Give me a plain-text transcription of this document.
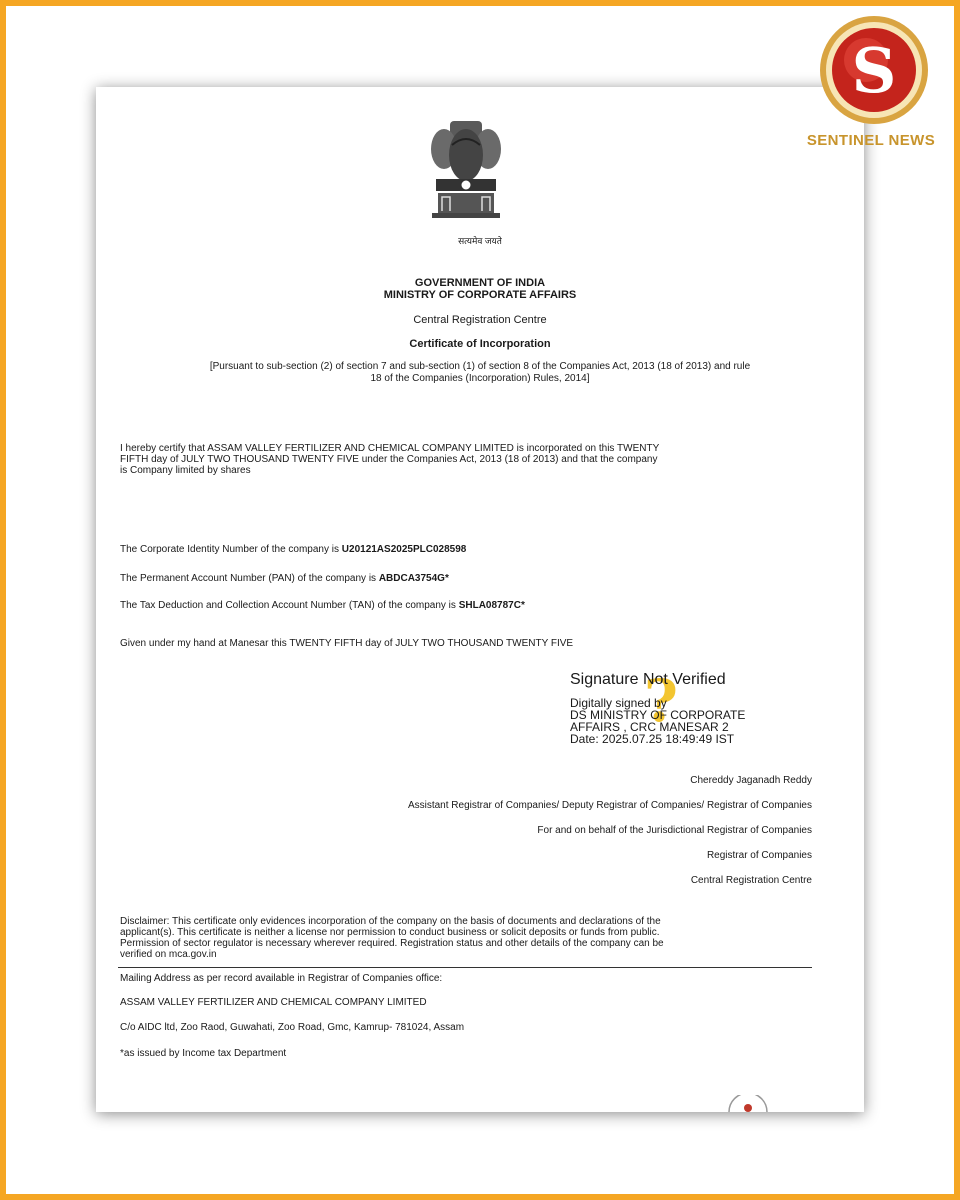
सत्यमेव जयते
GOVERNMENT OF INDIA
MINISTRY OF CORPORATE AFFAIRS
Central Registration Centre
Certificate of Incorporation
[Pursuant to sub-section (2) of section 7 and sub-section (1) of section 8 of the Companies Act, 2013 (18 of 2013) and rule
18 of the Companies (Incorporation) Rules, 2014]
I hereby certify that ASSAM VALLEY FERTILIZER AND CHEMICAL COMPANY LIMITED is incorporated on this TWENTY
FIFTH day of JULY TWO THOUSAND TWENTY FIVE under the Companies Act, 2013 (18 of 2013) and that the company
is Company limited by shares
The Corporate Identity Number of the company is U20121AS2025PLC028598
The Permanent Account Number (PAN) of the company is ABDCA3754G*
The Tax Deduction and Collection Account Number (TAN) of the company is SHLA08787C*
Given under my hand at Manesar this TWENTY FIFTH day of JULY TWO THOUSAND TWENTY FIVE
?
Signature Not Verified
Digitally signed by
DS MINISTRY OF CORPORATE
AFFAIRS , CRC MANESAR 2
Date: 2025.07.25 18:49:49 IST
Chereddy Jaganadh Reddy
Assistant Registrar of Companies/ Deputy Registrar of Companies/ Registrar of Companies
For and on behalf of the Jurisdictional Registrar of Companies
Registrar of Companies
Central Registration Centre
Disclaimer: This certificate only evidences incorporation of the company on the basis of documents and declarations of the
applicant(s). This certificate is neither a license nor permission to conduct business or solicit deposits or funds from public.
Permission of sector regulator is necessary wherever required. Registration status and other details of the company can be
verified on mca.gov.in
Mailing Address as per record available in Registrar of Companies office:
ASSAM VALLEY FERTILIZER AND CHEMICAL COMPANY LIMITED
C/o AIDC ltd, Zoo Raod, Guwahati, Zoo Road, Gmc, Kamrup- 781024, Assam
*as issued by Income tax Department
S
SENTINEL NEWS
